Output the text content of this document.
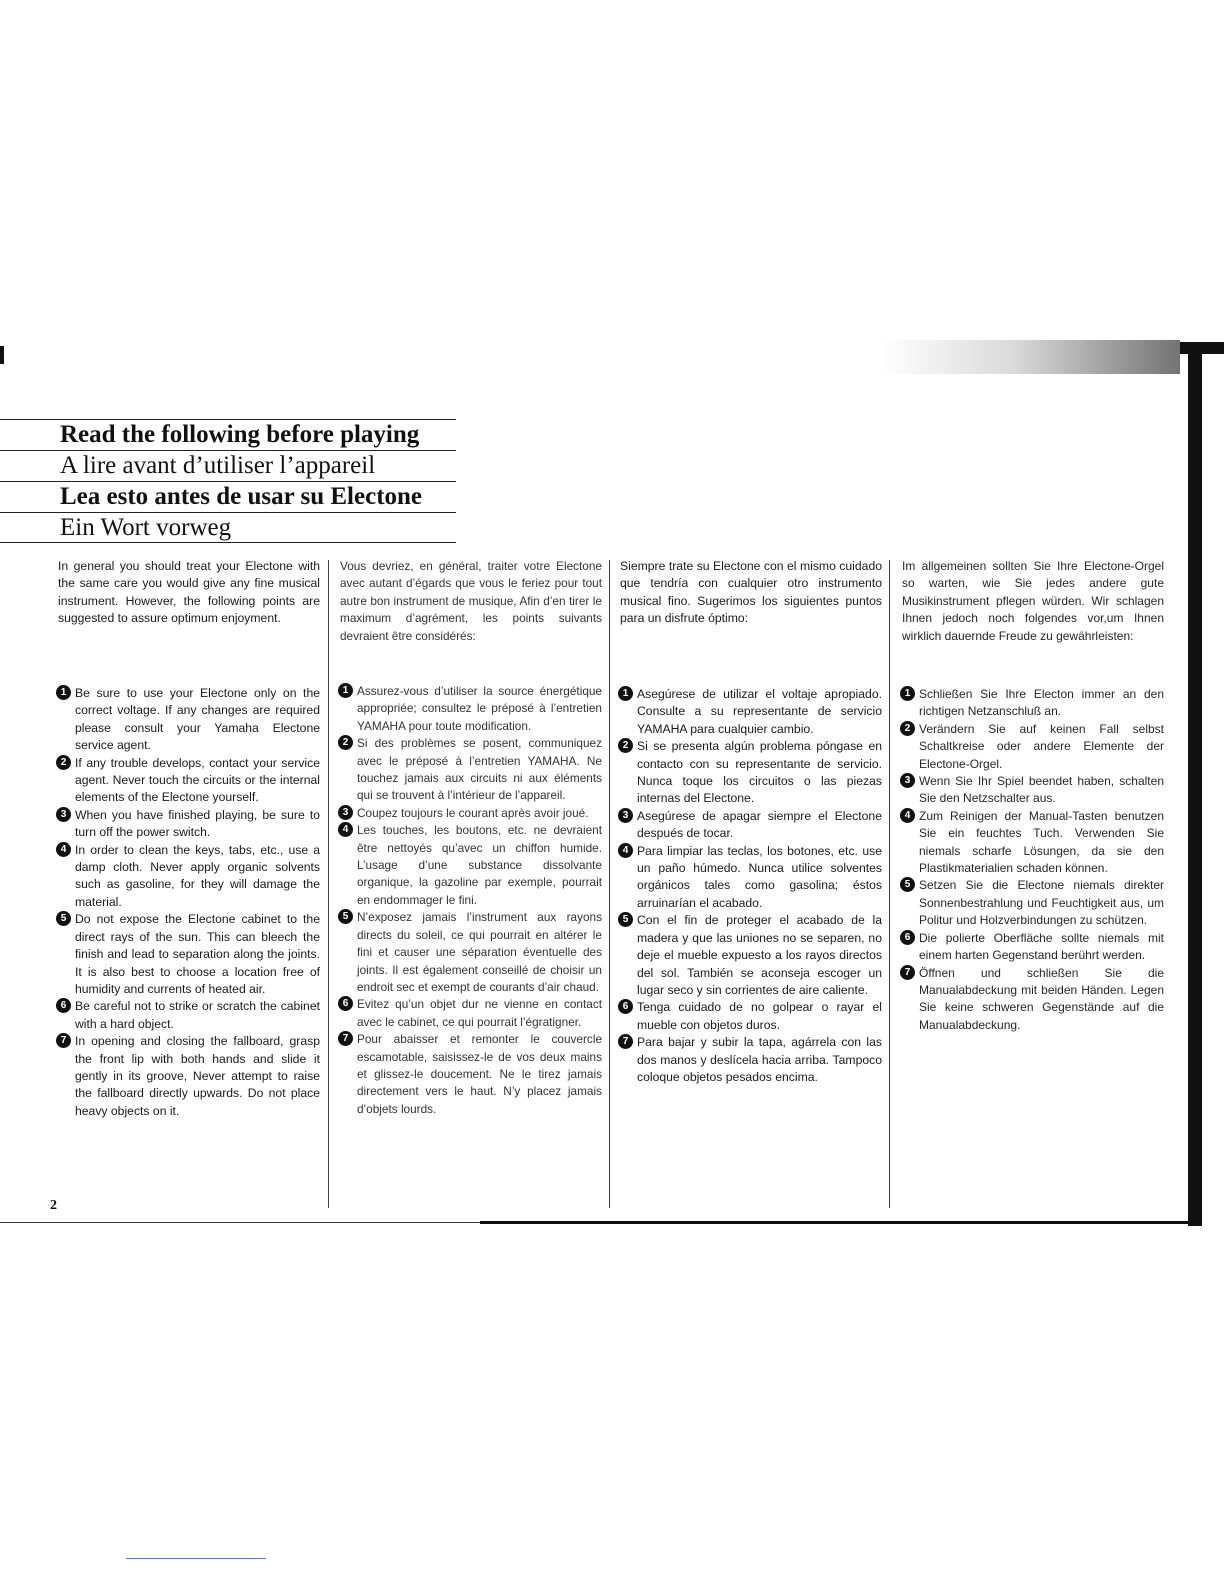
Read the following before playing
A lire avant d’utiliser l’appareil
Lea esto antes de usar su Electone
Ein Wort vorweg

In general you should treat your Electone with the same care you would give any fine musical instrument. However, the following points are suggested to assure optimum enjoyment.

1 Be sure to use your Electone only on the correct voltage. If any changes are required please consult your Yamaha Electone service agent.
2 If any trouble develops, contact your service agent. Never touch the circuits or the internal elements of the Electone yourself.
3 When you have finished playing, be sure to turn off the power switch.
4 In order to clean the keys, tabs, etc., use a damp cloth. Never apply organic solvents such as gasoline, for they will damage the material.
5 Do not expose the Electone cabinet to the direct rays of the sun. This can bleech the finish and lead to separation along the joints. It is also best to choose a location free of humidity and currents of heated air.
6 Be careful not to strike or scratch the cabinet with a hard object.
7 In opening and closing the fallboard, grasp the front lip with both hands and slide it gently in its groove, Never attempt to raise the fallboard directly upwards. Do not place heavy objects on it.

Vous devriez, en général, traiter votre Electone avec autant d’égards que vous le feriez pour tout autre bon instrument de musique, Afin d’en tirer le maximum d’agrément, les points suivants devraient être considérés:

1 Assurez-vous d’utiliser la source énergétique appropriée; consultez le préposé à l’entretien YAMAHA pour toute modification.
2 Si des problèmes se posent, communiquez avec le préposé à l’entretien YAMAHA. Ne touchez jamais aux circuits ni aux éléments qui se trouvent à l’intérieur de l’appareil.
3 Coupez toujours le courant après avoir joué.
4 Les touches, les boutons, etc. ne devraient être nettoyés qu’avec un chiffon humide. L’usage d’une substance dissolvante organique, la gazoline par exemple, pourrait en endommager le fini.
5 N’exposez jamais l’instrument aux rayons directs du soleil, ce qui pourrait en altérer le fini et causer une séparation éventuelle des joints. Il est également conseillé de choisir un endroit sec et exempt de courants d’air chaud.
6 Evitez qu’un objet dur ne vienne en contact avec le cabinet, ce qui pourrait l’égratigner.
7 Pour abaisser et remonter le couvercle escamotable, saisissez-le de vos deux mains et glissez-le doucement. Ne le tirez jamais directement vers le haut. N’y placez jamais d’objets lourds.

Siempre trate su Electone con el mismo cuidado que tendría con cualquier otro instrumento musical fino. Sugerimos los siguientes puntos para un disfrute óptimo:

1 Asegúrese de utilizar el voltaje apropiado. Consulte a su representante de servicio YAMAHA para cualquier cambio.
2 Si se presenta algún problema póngase en contacto con su representante de servicio. Nunca toque los circuitos o las piezas internas del Electone.
3 Asegúrese de apagar siempre el Electone después de tocar.
4 Para limpiar las teclas, los botones, etc. use un paño húmedo. Nunca utilice solventes orgánicos tales como gasolina; éstos arruinarían el acabado.
5 Con el fin de proteger el acabado de la madera y que las uniones no se separen, no deje el mueble expuesto a los rayos directos del sol. También se aconseja escoger un lugar seco y sin corrientes de aire caliente.
6 Tenga cuidado de no golpear o rayar el mueble con objetos duros.
7 Para bajar y subir la tapa, agárrela con las dos manos y deslícela hacia arriba. Tampoco coloque objetos pesados encima.

Im allgemeinen sollten Sie Ihre Electone-Orgel so warten, wie Sie jedes andere gute Musikinstrument pflegen würden. Wir schlagen Ihnen jedoch noch folgendes vor,um Ihnen wirklich dauernde Freude zu gewährleisten:

1 Schließen Sie Ihre Electon immer an den richtigen Netzanschluß an.
2 Verändern Sie auf keinen Fall selbst Schaltkreise oder andere Elemente der Electone-Orgel.
3 Wenn Sie Ihr Spiel beendet haben, schalten Sie den Netzschalter aus.
4 Zum Reinigen der Manual-Tasten benutzen Sie ein feuchtes Tuch. Verwenden Sie niemals scharfe Lösungen, da sie den Plastikmaterialien schaden können.
5 Setzen Sie die Electone niemals direkter Sonnenbestrahlung und Feuchtigkeit aus, um Politur und Holzverbindungen zu schützen.
6 Die polierte Oberfläche sollte niemals mit einem harten Gegenstand berührt werden.
7 Öffnen und schließen Sie die Manualabdeckung mit beiden Händen. Legen Sie keine schweren Gegenstände auf die Manualabdeckung.
2
